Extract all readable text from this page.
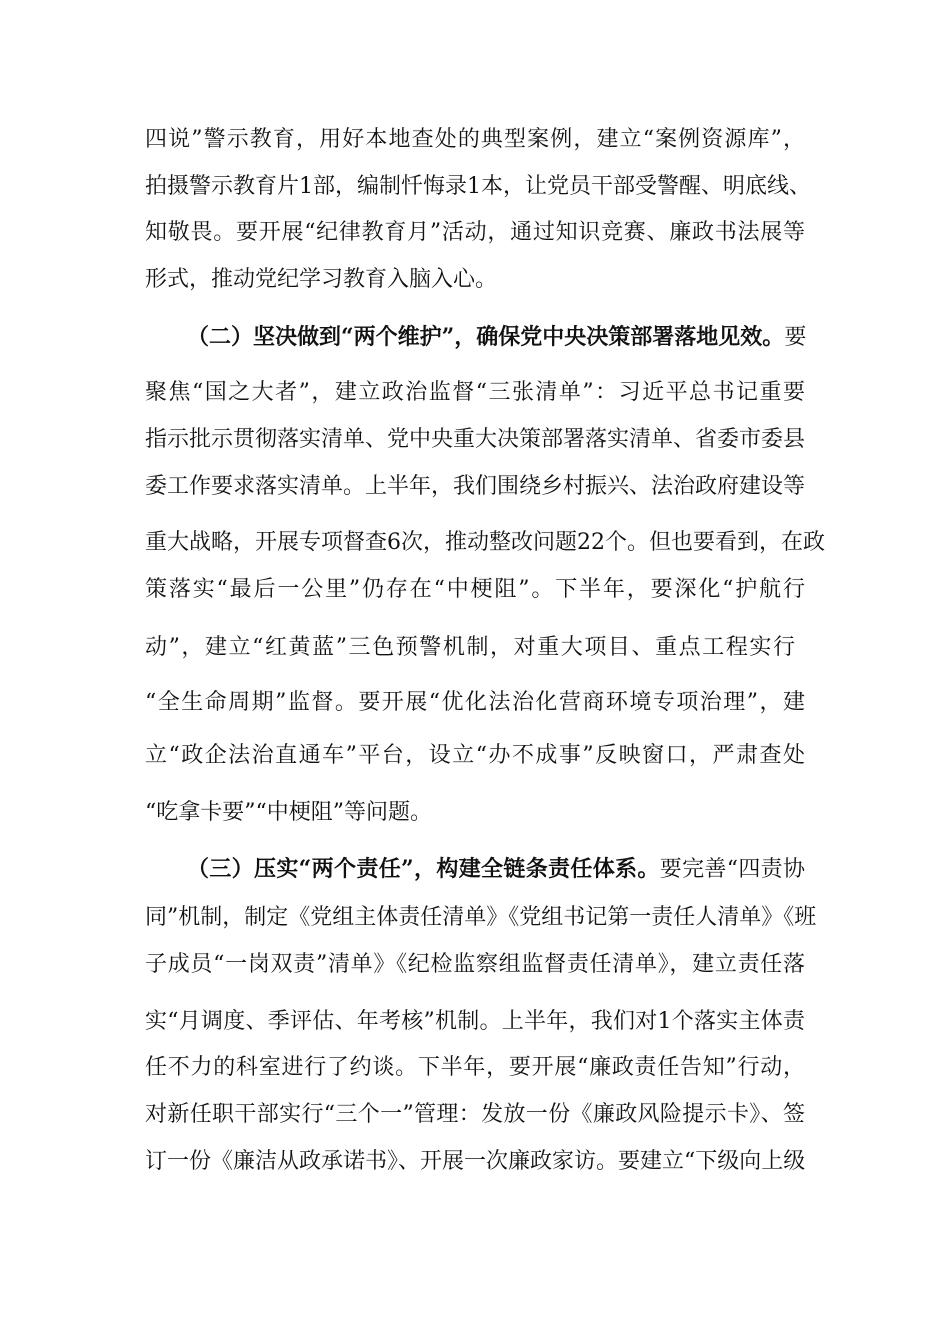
四说”警示教育，用好本地查处的典型案例，建立“案例资源库”，
拍摄警示教育片1部，编制忏悔录1本，让党员干部受警醒、明底线、
知敬畏。要开展“纪律教育月”活动，通过知识竞赛、廉政书法展等
形式，推动党纪学习教育入脑入心。
（二）坚决做到“两个维护”，确保党中央决策部署落地见效。要
聚焦“国之大者”，建立政治监督“三张清单”：习近平总书记重要
指示批示贯彻落实清单、党中央重大决策部署落实清单、省委市委县
委工作要求落实清单。上半年，我们围绕乡村振兴、法治政府建设等
重大战略，开展专项督查6次，推动整改问题22个。但也要看到，在政
策落实“最后一公里”仍存在“中梗阻”。下半年，要深化“护航行
动”，建立“红黄蓝”三色预警机制，对重大项目、重点工程实行
“全生命周期”监督。要开展“优化法治化营商环境专项治理”，建
立“政企法治直通车”平台，设立“办不成事”反映窗口，严肃查处
“吃拿卡要”“中梗阻”等问题。
（三）压实“两个责任”，构建全链条责任体系。要完善“四责协
同”机制，制定《党组主体责任清单》《党组书记第一责任人清单》《班
子成员“一岗双责”清单》《纪检监察组监督责任清单》，建立责任落
实“月调度、季评估、年考核”机制。上半年，我们对1个落实主体责
任不力的科室进行了约谈。下半年，要开展“廉政责任告知”行动，
对新任职干部实行“三个一”管理：发放一份《廉政风险提示卡》、签
订一份《廉洁从政承诺书》、开展一次廉政家访。要建立“下级向上级
